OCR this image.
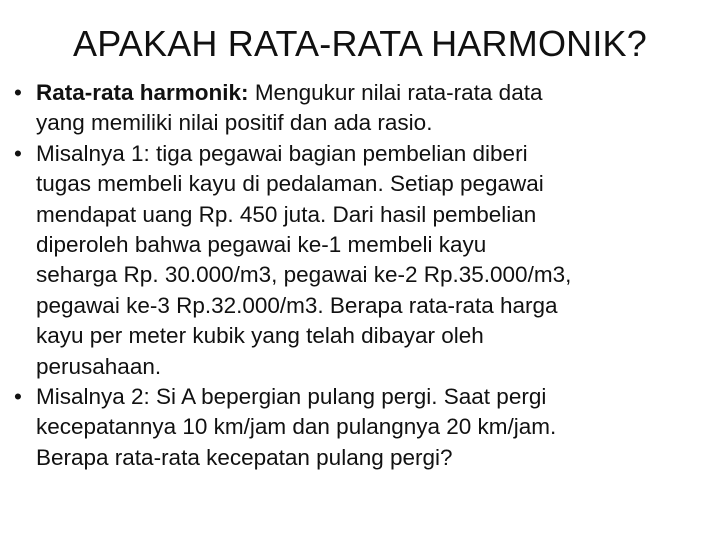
APAKAH RATA-RATA HARMONIK?
• Rata-rata harmonik: Mengukur nilai rata-rata data
yang memiliki nilai positif dan ada rasio.
• Misalnya 1: tiga pegawai bagian pembelian diberi
tugas membeli kayu di pedalaman. Setiap pegawai
mendapat uang Rp. 450 juta. Dari hasil pembelian
diperoleh bahwa pegawai ke-1 membeli kayu
seharga Rp. 30.000/m3, pegawai ke-2 Rp.35.000/m3,
pegawai ke-3 Rp.32.000/m3. Berapa rata-rata harga
kayu per meter kubik yang telah dibayar oleh
perusahaan.
• Misalnya 2: Si A bepergian pulang pergi. Saat pergi
kecepatannya 10 km/jam dan pulangnya 20 km/jam.
Berapa rata-rata kecepatan pulang pergi?
